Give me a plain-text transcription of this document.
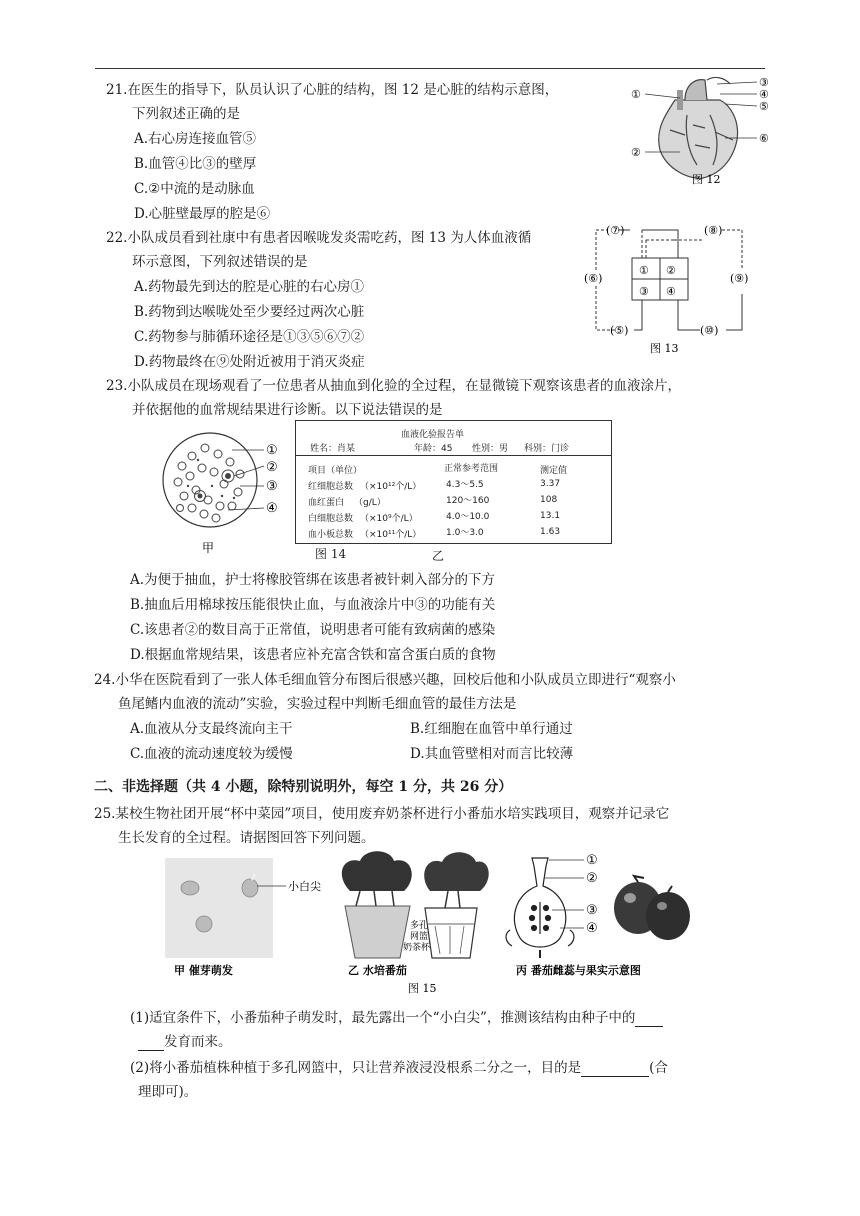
21.在医生的指导下，队员认识了心脏的结构，图 12 是心脏的结构示意图，
下列叙述正确的是
A.右心房连接血管⑤
B.血管④比③的壁厚
C.②中流的是动脉血
D.心脏壁最厚的腔是⑥
①
②
③
④
⑤
⑥
图 12
22.小队成员看到社康中有患者因喉咙发炎需吃药，图 13 为人体血液循
环示意图，下列叙述错误的是
A.药物最先到达的腔是心脏的右心房①
B.药物到达喉咙处至少要经过两次心脏
C.药物参与肺循环途径是①③⑤⑥⑦②
D.药物最终在⑨处附近被用于消灭炎症
① ②
③ ④
(⑤)
(⑥)
(⑦)	(⑧)
(⑨)
(⑩)
图 13
23.小队成员在现场观看了一位患者从抽血到化验的全过程，在显微镜下观察该患者的血液涂片，
并依据他的血常规结果进行诊断。以下说法错误的是
①
②
③
④
甲
血液化验报告单
姓名：肖某	年龄：45 性别：男 科别：门诊
项目（单位）	正常参考范围	测定值
红细胞总数 （×10¹²个/L）	4.3～5.5	3.37
血红蛋白 （g/L）	120～160	108
白细胞总数 （×10⁹个/L）	4.0～10.0	13.1
血小板总数 （×10¹¹个/L）	1.0～3.0	1.63
图 14	乙
A.为便于抽血，护士将橡胶管绑在该患者被针刺入部分的下方
B.抽血后用棉球按压能很快止血，与血液涂片中③的功能有关
C.该患者②的数目高于正常值，说明患者可能有致病菌的感染
D.根据血常规结果，该患者应补充富含铁和富含蛋白质的食物
24.小华在医院看到了一张人体毛细血管分布图后很感兴趣，回校后他和小队成员立即进行“观察小
鱼尾鳍内血液的流动”实验，实验过程中判断毛细血管的最佳方法是
A.血液从分支最终流向主干	B.红细胞在血管中单行通过
C.血液的流动速度较为缓慢	D.其血管壁相对而言比较薄
二、非选择题（共 4 小题，除特别说明外，每空 1 分，共 26 分）
25.某校生物社团开展“杯中菜园”项目，使用废弃奶茶杯进行小番茄水培实践项目，观察并记录它
生长发育的全过程。请据图回答下列问题。
小白尖
甲 催芽萌发
多孔
网篮
奶茶杯
乙 水培番茄
①
②
③
④
丙 番茄雌蕊与果实示意图
图 15
(1)适宜条件下，小番茄种子萌发时，最先露出一个“小白尖”，推测该结构由种子中的
发育而来。
(2)将小番茄植株种植于多孔网篮中，只让营养液浸没根系二分之一，目的是	(合
理即可)。
